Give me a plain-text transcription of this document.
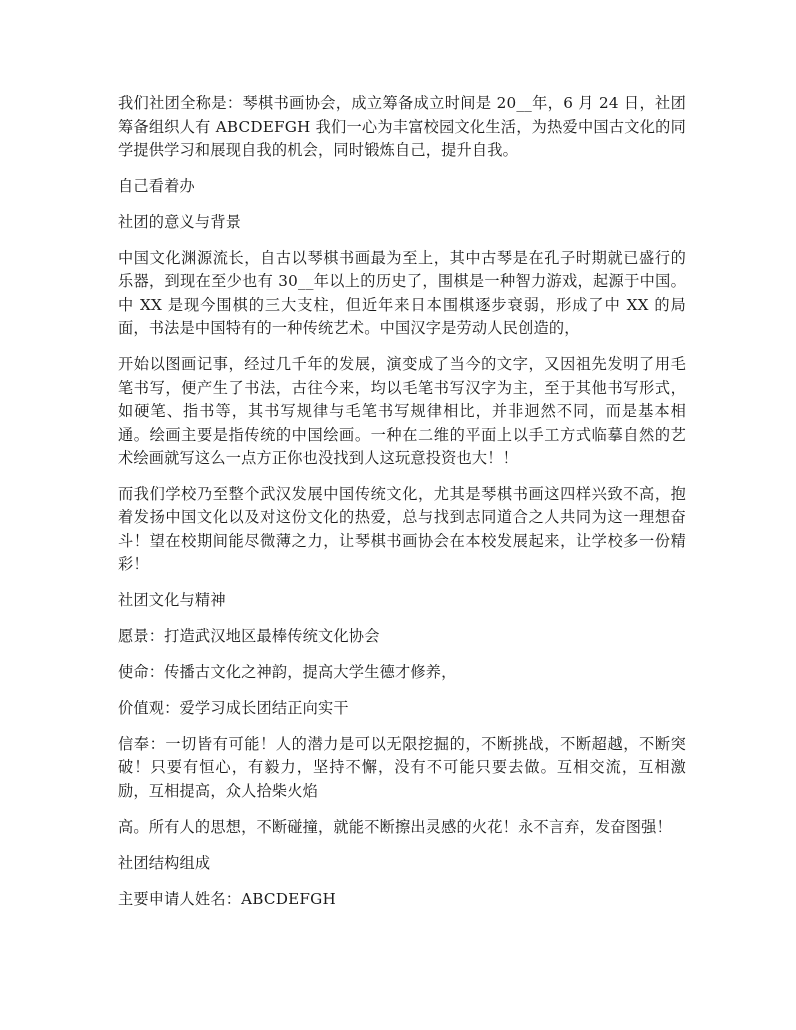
我们社团全称是：琴棋书画协会，成立筹备成立时间是 20__年，6 月 24 日，社团筹备组织人有 ABCDEFGH 我们一心为丰富校园文化生活，为热爱中国古文化的同学提供学习和展现自我的机会，同时锻炼自己，提升自我。

自己看着办

社团的意义与背景

中国文化渊源流长，自古以琴棋书画最为至上，其中古琴是在孔子时期就已盛行的乐器，到现在至少也有 30__年以上的历史了，围棋是一种智力游戏，起源于中国。中 XX 是现今围棋的三大支柱，但近年来日本围棋逐步衰弱，形成了中 XX 的局面，书法是中国特有的一种传统艺术。中国汉字是劳动人民创造的，

开始以图画记事，经过几千年的发展，演变成了当今的文字，又因祖先发明了用毛笔书写，便产生了书法，古往今来，均以毛笔书写汉字为主，至于其他书写形式，如硬笔、指书等，其书写规律与毛笔书写规律相比，并非迥然不同，而是基本相通。绘画主要是指传统的中国绘画。一种在二维的平面上以手工方式临摹自然的艺术绘画就写这么一点方正你也没找到人这玩意投资也大！！

而我们学校乃至整个武汉发展中国传统文化，尤其是琴棋书画这四样兴致不高，抱着发扬中国文化以及对这份文化的热爱，总与找到志同道合之人共同为这一理想奋斗！望在校期间能尽微薄之力，让琴棋书画协会在本校发展起来，让学校多一份精彩！

社团文化与精神

愿景：打造武汉地区最棒传统文化协会

使命：传播古文化之神韵，提高大学生德才修养，

价值观：爱学习成长团结正向实干

信奉：一切皆有可能！人的潜力是可以无限挖掘的，不断挑战，不断超越，不断突破！只要有恒心，有毅力，坚持不懈，没有不可能只要去做。互相交流，互相激励，互相提高，众人拾柴火焰

高。所有人的思想，不断碰撞，就能不断擦出灵感的火花！永不言弃，发奋图强！

社团结构组成

主要申请人姓名：ABCDEFGH
